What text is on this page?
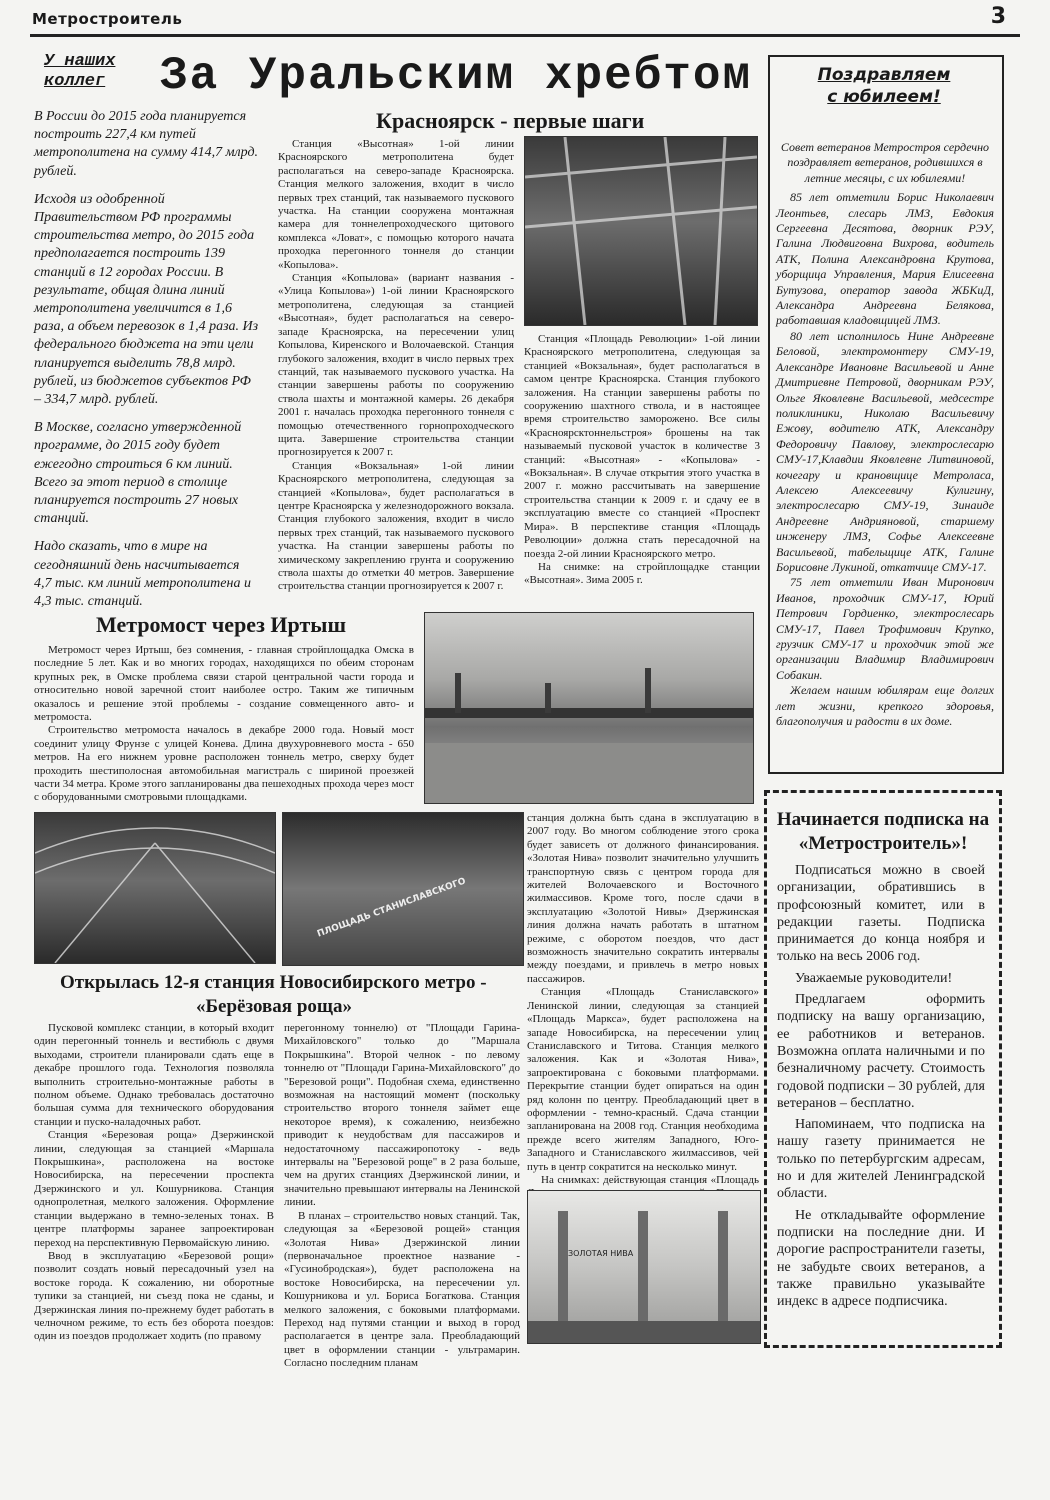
Метростроитель	3
У наших коллег	За Уральским хребтом

В России до 2015 года планируется построить 227,4 км путей метрополитена на сумму 414,7 млрд. рублей.

Исходя из одобренной Правительством РФ программы строительства метро, до 2015 года предполагается построить 139 станций в 12 городах России. В результате, общая длина линий метрополитена увеличится в 1,6 раза, а объем перевозок в 1,4 раза. Из федерального бюджета на эти цели планируется выделить 78,8 млрд. рублей, из бюджетов субъектов РФ – 334,7 млрд. рублей.

В Москве, согласно утвержденной программе, до 2015 году будет ежегодно строиться 6 км линий. Всего за этот период в столице планируется построить 27 новых станций.

Надо сказать, что в мире на сегодняшний день насчитывается 4,7 тыс. км линий метрополитена и 4,3 тыс. станций.

Красноярск - первые шаги

Станция «Высотная» 1-ой линии Красноярского метрополитена будет располагаться на северо-западе Красноярска. Станция мелкого заложения, входит в число первых трех станций, так называемого пускового участка. На станции сооружена монтажная камера для тоннелепроходческого щитового комплекса «Ловат», с помощью которого начата проходка перегонного тоннеля до станции «Копылова».

Станция «Копылова» (вариант названия - «Улица Копылова») 1-ой линии Красноярского метрополитена, следующая за станцией «Высотная», будет располагаться на северо-западе Красноярска, на пересечении улиц Копылова, Киренского и Волочаевской. Станция глубокого заложения, входит в число первых трех станций, так называемого пускового участка. На станции завершены работы по сооружению ствола шахты и монтажной камеры. 26 декабря 2001 г. началась проходка перегонного тоннеля с помощью отечественного горнопроходческого щита. Завершение строительства станции прогнозируется к 2007 г.

Станция «Вокзальная» 1-ой линии Красноярского метрополитена, следующая за станцией «Копылова», будет располагаться в центре Красноярска у железнодорожного вокзала. Станция глубокого заложения, входит в число первых трех станций, так называемого пускового участка. На станции завершены работы по химическому закреплению грунта и сооружению ствола шахты до отметки 40 метров. Завершение строительства станции прогнозируется к 2007 г.

Станция «Площадь Революции» 1-ой линии Красноярского метрополитена, следующая за станцией «Вокзальная», будет располагаться в самом центре Красноярска. Станция глубокого заложения. На станции завершены работы по сооружению шахтного ствола, и в настоящее время строительство заморожено. Все силы «Красноярсктоннельстроя» брошены на так называемый пусковой участок в количестве 3 станций: «Высотная» - «Копылова» - «Вокзальная». В случае открытия этого участка в 2007 г. можно рассчитывать на завершение строительства станции к 2009 г. и сдачу ее в эксплуатацию вместе со станцией «Проспект Мира». В перспективе станция «Площадь Революции» должна стать пересадочной на поезда 2-ой линии Красноярского метро.

На снимке: на стройплощадке станции «Высотная». Зима 2005 г.

Метромост через Иртыш

Метромост через Иртыш, без сомнения, - главная стройплощадка Омска в последние 5 лет. Как и во многих городах, находящихся по обеим сторонам крупных рек, в Омске проблема связи старой центральной части города и относительно новой заречной стоит наиболее остро. Таким же типичным оказалось и решение этой проблемы - создание совмещенного авто- и метромоста.

Строительство метромоста началось в декабре 2000 года. Новый мост соединит улицу Фрунзе с улицей Конева. Длина двухуровневого моста - 650 метров. На его нижнем уровне расположен тоннель метро, сверху будет проходить шестиполосная автомобильная магистраль с шириной проезжей части 34 метра. Кроме этого запланированы два пешеходных прохода через мост с оборудованными смотровыми площадками.

ПЛОЩАДЬ СТАНИСЛАВСКОГО
Открылась 12-я станция Новосибирского метро -
«Берёзовая роща»

Пусковой комплекс станции, в который входит один перегонный тоннель и вестибюль с двумя выходами, строители планировали сдать еще в декабре прошлого года. Технология позволяла выполнить строительно-монтажные работы в полном объеме. Однако требовалась достаточно большая сумма для технического оборудования станции и пуско-наладочных работ.

Станция «Березовая роща» Дзержинской линии, следующая за станцией «Маршала Покрышкина», расположена на востоке Новосибирска, на пересечении проспекта Дзержинского и ул. Кошурникова. Станция однопролетная, мелкого заложения. Оформление станции выдержано в темно-зеленых тонах. В центре платформы заранее запроектирован переход на перспективную Первомайскую линию.

Ввод в эксплуатацию «Березовой рощи» позволит создать новый пересадочный узел на востоке города. К сожалению, ни оборотные тупики за станцией, ни съезд пока не сданы, и Дзержинская линия по-прежнему будет работать в челночном режиме, то есть без оборота поездов: один из поездов продолжает ходить (по правому

перегонному тоннелю) от "Площади Гарина-Михайловского" только до "Маршала Покрышкина". Второй челнок - по левому тоннелю от "Площади Гарина-Михайловского" до "Березовой рощи". Подобная схема, единственно возможная на настоящий момент (поскольку строительство второго тоннеля займет еще некоторое время), к сожалению, неизбежно приводит к неудобствам для пассажиров и недостаточному пассажиропотоку - ведь интервалы на "Березовой роще" в 2 раза больше, чем на других станциях Дзержинской линии, и значительно превышают интервалы на Ленинской линии.

В планах – строительство новых станций. Так, следующая за «Березовой рощей» станция «Золотая Нива» Дзержинской линии (первоначальное проектное название - «Гусинобродская»), будет расположена на востоке Новосибирска, на пересечении ул. Кошурникова и ул. Бориса Богаткова. Станция мелкого заложения, с боковыми платформами. Переход над путями станции и выход в город располагается в центре зала. Преобладающий цвет в оформлении станции - ультрамарин. Согласно последним планам

станция должна быть сдана в эксплуатацию в 2007 году. Во многом соблюдение этого срока будет зависеть от должного финансирования. «Золотая Нива» позволит значительно улучшить транспортную связь с центром города для жителей Волочаевского и Восточного жилмассивов. Кроме того, после сдачи в эксплуатацию «Золотой Нивы» Дзержинская линия должна начать работать в штатном режиме, с оборотом поездов, что даст возможность значительно сократить интервалы между поездами, и привлечь в метро новых пассажиров.

Станция «Площадь Станиславского» Ленинской линии, следующая за станцией «Площадь Маркса», будет расположена на западе Новосибирска, на пересечении улиц Станиславского и Титова. Станция мелкого заложения. Как и «Золотая Нива», запроектирована с боковыми платформами. Перекрытие станции будет опираться на один ряд колонн по центру. Преобладающий цвет в оформлении - темно-красный. Сдача станции запланирована на 2008 год. Станция необходима прежде всего жителям Западного, Юго-Западного и Станиславского жилмассивов, чей путь в центр сократится на несколько минут.

На снимках: действующая станция «Площадь

ЗОЛОТАЯ НИВА
Поздравляем
с юбилеем!

Совет ветеранов Метростроя сердечно поздравляет ветеранов, родившихся в летние месяцы, с их юбилеями!

85 лет отметили Борис Николаевич Леонтьев, слесарь ЛМЗ, Евдокия Сергеевна Десятова, дворник РЭУ, Галина Людвиговна Вихрова, водитель АТК, Полина Александровна Крутова, уборщица Управления, Мария Елисеевна Бутузова, оператор завода ЖБКиД, Александра Андреевна Белякова, работавшая кладовщицей ЛМЗ.

80 лет исполнилось Нине Андреевне Беловой, электромонтеру СМУ-19, Александре Ивановне Васильевой и Анне Дмитриевне Петровой, дворникам РЭУ, Ольге Яковлевне Васильевой, медсестре поликлиники, Николаю Васильевичу Ежову, водителю АТК, Александру Федоровичу Павлову, электрослесарю СМУ-17,Клавдии Яковлевне Литвиновой, кочегару и крановщице Метроласа, Алексею Алексеевичу Кулигину, электрослесарю СМУ-19, Зинаиде Андреевне Андрияновой, старшему инженеру ЛМЗ, Софье Алексеевне Васильевой, табельщице АТК, Галине Борисовне Лукиной, откатчице СМУ-17.

75 лет отметили Иван Миронович Иванов, проходчик СМУ-17, Юрий Петрович Гордиенко, электрослесарь СМУ-17, Павел Трофимович Крупко, грузчик СМУ-17 и проходчик этой же организации Владимир Владимирович Собакин.

Желаем нашим юбилярам еще долгих лет жизни, крепкого здоровья, благополучия и радости в их доме.

Начинается подписка на «Метростроитель»!

Подписаться можно в своей организации, обратившись в профсоюзный комитет, или в редакции газеты. Подписка принимается до конца ноября и только на весь 2006 год.

Уважаемые руководители!

Предлагаем оформить подписку на вашу организацию, ее работников и ветеранов. Возможна оплата наличными и по безналичному расчету. Стоимость годовой подписки – 30 рублей, для ветеранов – бесплатно.

Напоминаем, что подписка на нашу газету принимается не только по петербургским адресам, но и для жителей Ленинградской области.

Не откладывайте оформление подписки на последние дни. И дорогие распространители газеты, не забудьте своих ветеранов, а также правильно указывайте индекс в адресе подписчика.
